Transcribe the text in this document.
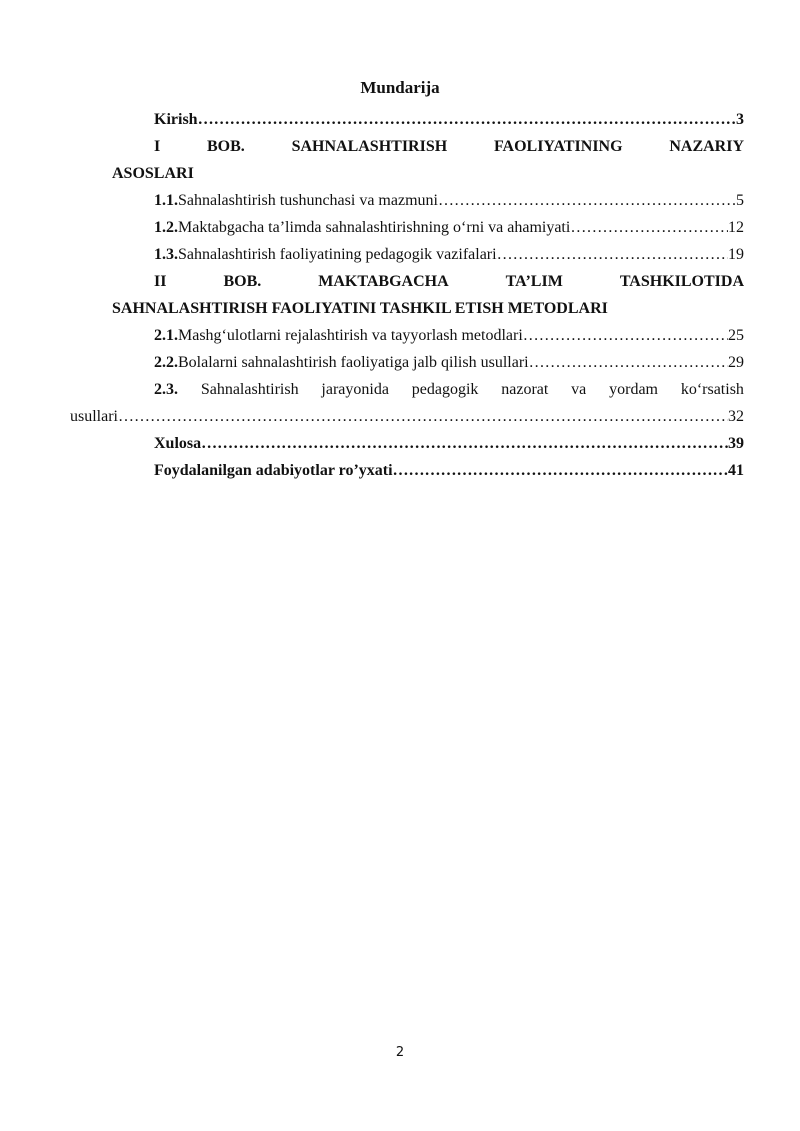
Mundarija
Kirish ………………………………………………………………………………………………………………………………………………………………………………………………	3
I	BOB.	SAHNALASHTIRISH	FAOLIYATINING	NAZARIY
ASOSLARI
1.1. Sahnalashtirish tushunchasi va mazmuni ………………………………………………………………………………………………………………………………………………………………………………………………	5
1.2. Maktabgacha ta’limda sahnalashtirishning o‘rni va ahamiyati ………………………………………………………………………………………………………………………………………………………………………………………………	12
1.3. Sahnalashtirish faoliyatining pedagogik vazifalari ………………………………………………………………………………………………………………………………………………………………………………………………	19
II	BOB.	MAKTABGACHA	TA’LIM	TASHKILOTIDA
SAHNALASHTIRISH FAOLIYATINI TASHKIL ETISH METODLARI
2.1. Mashg‘ulotlarni rejalashtirish va tayyorlash metodlari ………………………………………………………………………………………………………………………………………………………………………………………………	25
2.2. Bolalarni sahnalashtirish faoliyatiga jalb qilish usullari ………………………………………………………………………………………………………………………………………………………………………………………………	29
2.3. Sahnalashtirish jarayonida pedagogik nazorat va yordam ko‘rsatish
usullari ………………………………………………………………………………………………………………………………………………………………………………………………	32
Xulosa ………………………………………………………………………………………………………………………………………………………………………………………………	39
Foydalanilgan adabiyotlar ro’yxati ………………………………………………………………………………………………………………………………………………………………………………………………	41
2
